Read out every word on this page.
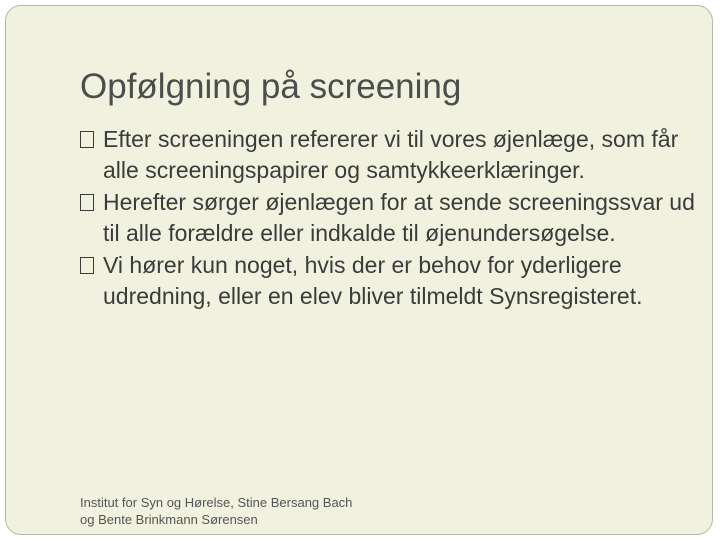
Opfølgning på screening
Efter screeningen refererer vi til vores øjenlæge, som får alle screeningspapirer og samtykkeerklæringer.
Herefter sørger øjenlægen for at sende screeningssvar ud til alle forældre eller indkalde til øjenundersøgelse.
Vi hører kun noget, hvis der er behov for yderligere udredning, eller en elev bliver tilmeldt Synsregisteret.
Institut for Syn og Hørelse, Stine Bersang Bach
og Bente Brinkmann Sørensen
